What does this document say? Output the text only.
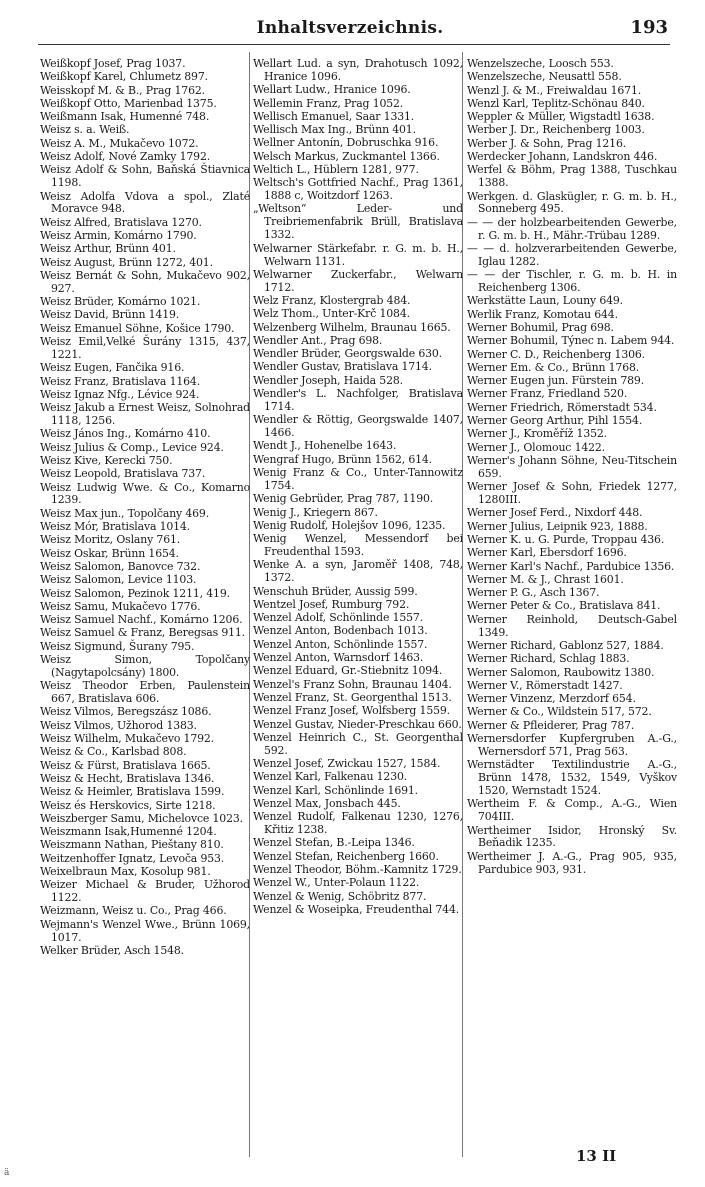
Inhaltsverzeichnis.	193
Weißkopf Josef, Prag 1037.
Weißkopf Karel, Chlumetz 897.
Weisskopf M. & B., Prag 1762.
Weißkopf Otto, Marienbad 1375.
Weißmann Isak, Humenné 748.
Weisz s. a. Weiß.
Weisz A. M., Mukačevo 1072.
Weisz Adolf, Nové Zamky 1792.
Weisz Adolf & Sohn, Baňská Štiavnica 1198.
Weisz Adolfa Vdova a spol., Zlaté Moravce 948.
Weisz Alfred, Bratislava 1270.
Weisz Armin, Komárno 1790.
Weisz Arthur, Brünn 401.
Weisz August, Brünn 1272, 401.
Weisz Bernát & Sohn, Mukačevo 902, 927.
Weisz Brüder, Komárno 1021.
Weisz David, Brünn 1419.
Weisz Emanuel Söhne, Košice 1790.
Weisz Emil,Velké Šurány 1315, 437, 1221.
Weisz Eugen, Fančika 916.
Weisz Franz, Bratislava 1164.
Weisz Ignaz Nfg., Lévice 924.
Weisz Jakub a Ernest Weisz, Solnohrad 1118, 1256.
Weisz János Ing., Komárno 410.
Weisz Julius & Comp., Levice 924.
Weisz Kive, Kerecki 750.
Weisz Leopold, Bratislava 737.
Weisz Ludwig Wwe. & Co., Komarno 1239.
Weisz Max jun., Topolčany 469.
Weisz Mór, Bratislava 1014.
Weisz Moritz, Oslany 761.
Weisz Oskar, Brünn 1654.
Weisz Salomon, Banovce 732.
Weisz Salomon, Levice 1103.
Weisz Salomon, Pezinok 1211, 419.
Weisz Samu, Mukačevo 1776.
Weisz Samuel Nachf., Komárno 1206.
Weisz Samuel & Franz, Beregsas 911.
Weisz Sigmund, Šurany 795.
Weisz Simon, Topolčany (Nagytapolcsány) 1800.
Weisz Theodor Erben, Paulenstein 667, Bratislava 606.
Weisz Vilmos, Beregszász 1086.
Weisz Vilmos, Užhorod 1383.
Weisz Wilhelm, Mukačevo 1792.
Weisz & Co., Karlsbad 808.
Weisz & Fürst, Bratislava 1665.
Weisz & Hecht, Bratislava 1346.
Weisz & Heimler, Bratislava 1599.
Weisz és Herskovics, Sirte 1218.
Weiszberger Samu, Michelovce 1023.
Weiszmann Isak,Humenné 1204.
Weiszmann Nathan, Pieštany 810.
Weitzenhoffer Ignatz, Levoča 953.
Weixelbraun Max, Kosolup 981.
Weizer Michael & Bruder, Užhorod 1122.
Weizmann, Weisz u. Co., Prag 466.
Wejmann's Wenzel Wwe., Brünn 1069, 1017.
Welker Brüder, Asch 1548.
Wellart Lud. a syn, Drahotusch 1092, Hranice 1096.
Wellart Ludw., Hranice 1096.
Wellemin Franz, Prag 1052.
Wellisch Emanuel, Saar 1331.
Wellisch Max Ing., Brünn 401.
Wellner Antonín, Dobruschka 916.
Welsch Markus, Zuckmantel 1366.
Weltich L., Hüblern 1281, 977.
Weltsch's Gottfried Nachf., Prag 1361, 1888 c, Woitzdorf 1263.
„Weltson“ Leder- und Treibriemenfabrik Brüll, Bratislava 1332.
Welwarner Stärkefabr. r. G. m. b. H., Welwarn 1131.
Welwarner Zuckerfabr., Welwarn 1712.
Welz Franz, Klostergrab 484.
Welz Thom., Unter-Krč 1084.
Welzenberg Wilhelm, Braunau 1665.
Wendler Ant., Prag 698.
Wendler Brüder, Georgswalde 630.
Wendler Gustav, Bratislava 1714.
Wendler Joseph, Haida 528.
Wendler's L. Nachfolger, Bratislava 1714.
Wendler & Röttig, Georgswalde 1407, 1466.
Wendt J., Hohenelbe 1643.
Wengraf Hugo, Brünn 1562, 614.
Wenig Franz & Co., Unter-Tannowitz 1754.
Wenig Gebrüder, Prag 787, 1190.
Wenig J., Kriegern 867.
Wenig Rudolf, Holejšov 1096, 1235.
Wenig Wenzel, Messendorf bei Freudenthal 1593.
Wenke A. a syn, Jaroměř 1408, 748, 1372.
Wenschuh Brüder, Aussig 599.
Wentzel Josef, Rumburg 792.
Wenzel Adolf, Schönlinde 1557.
Wenzel Anton, Bodenbach 1013.
Wenzel Anton, Schönlinde 1557.
Wenzel Anton, Warnsdorf 1463.
Wenzel Eduard, Gr.-Stiebnitz 1094.
Wenzel's Franz Sohn, Braunau 1404.
Wenzel Franz, St. Georgenthal 1513.
Wenzel Franz Josef, Wolfsberg 1559.
Wenzel Gustav, Nieder-Preschkau 660.
Wenzel Heinrich C., St. Georgenthal 592.
Wenzel Josef, Zwickau 1527, 1584.
Wenzel Karl, Falkenau 1230.
Wenzel Karl, Schönlinde 1691.
Wenzel Max, Jonsbach 445.
Wenzel Rudolf, Falkenau 1230, 1276, Křitiz 1238.
Wenzel Stefan, B.-Leipa 1346.
Wenzel Stefan, Reichenberg 1660.
Wenzel Theodor, Böhm.-Kamnitz 1729.
Wenzel W., Unter-Polaun 1122.
Wenzel & Wenig, Schöbritz 877.
Wenzel & Woseipka, Freudenthal 744.
Wenzelszeche, Loosch 553.
Wenzelszeche, Neusattl 558.
Wenzl J. & M., Freiwaldau 1671.
Wenzl Karl, Teplitz-Schönau 840.
Weppler & Müller, Wigstadtl 1638.
Werber J. Dr., Reichenberg 1003.
Werber J. & Sohn, Prag 1216.
Werdecker Johann, Landskron 446.
Werfel & Böhm, Prag 1388, Tuschkau 1388.
Werkgen. d. Glaskügler, r. G. m. b. H., Sonneberg 495.
— — der holzbearbeitenden Gewerbe, r. G. m. b. H., Mähr.-Trübau 1289.
— — d. holzverarbeitenden Gewerbe, Iglau 1282.
— — der Tischler, r. G. m. b. H. in Reichenberg 1306.
Werkstätte Laun, Louny 649.
Werlik Franz, Komotau 644.
Werner Bohumil, Prag 698.
Werner Bohumil, Týnec n. Labem 944.
Werner C. D., Reichenberg 1306.
Werner Em. & Co., Brünn 1768.
Werner Eugen jun. Fürstein 789.
Werner Franz, Friedland 520.
Werner Friedrich, Römerstadt 534.
Werner Georg Arthur, Pihl 1554.
Werner J., Kroměříž 1352.
Werner J., Olomouc 1422.
Werner's Johann Söhne, Neu-Titschein 659.
Werner Josef & Sohn, Friedek 1277, 1280III.
Werner Josef Ferd., Nixdorf 448.
Werner Julius, Leipnik 923, 1888.
Werner K. u. G. Purde, Troppau 436.
Werner Karl, Ebersdorf 1696.
Werner Karl's Nachf., Pardubice 1356.
Werner M. & J., Chrast 1601.
Werner P. G., Asch 1367.
Werner Peter & Co., Bratislava 841.
Werner Reinhold, Deutsch-Gabel 1349.
Werner Richard, Gablonz 527, 1884.
Werner Richard, Schlag 1883.
Werner Salomon, Raubowitz 1380.
Werner V., Römerstadt 1427.
Werner Vinzenz, Merzdorf 654.
Werner & Co., Wildstein 517, 572.
Werner & Pfleiderer, Prag 787.
Wernersdorfer Kupfergruben A.-G., Wernersdorf 571, Prag 563.
Wernstädter Textilindustrie A.-G., Brünn 1478, 1532, 1549, Vyškov 1520, Wernstadt 1524.
Wertheim F. & Comp., A.-G., Wien 704III.
Wertheimer Isidor, Hronský Sv. Beňadik 1235.
Wertheimer J. A.-G., Prag 905, 935, Pardubice 903, 931.
13 II
ä
